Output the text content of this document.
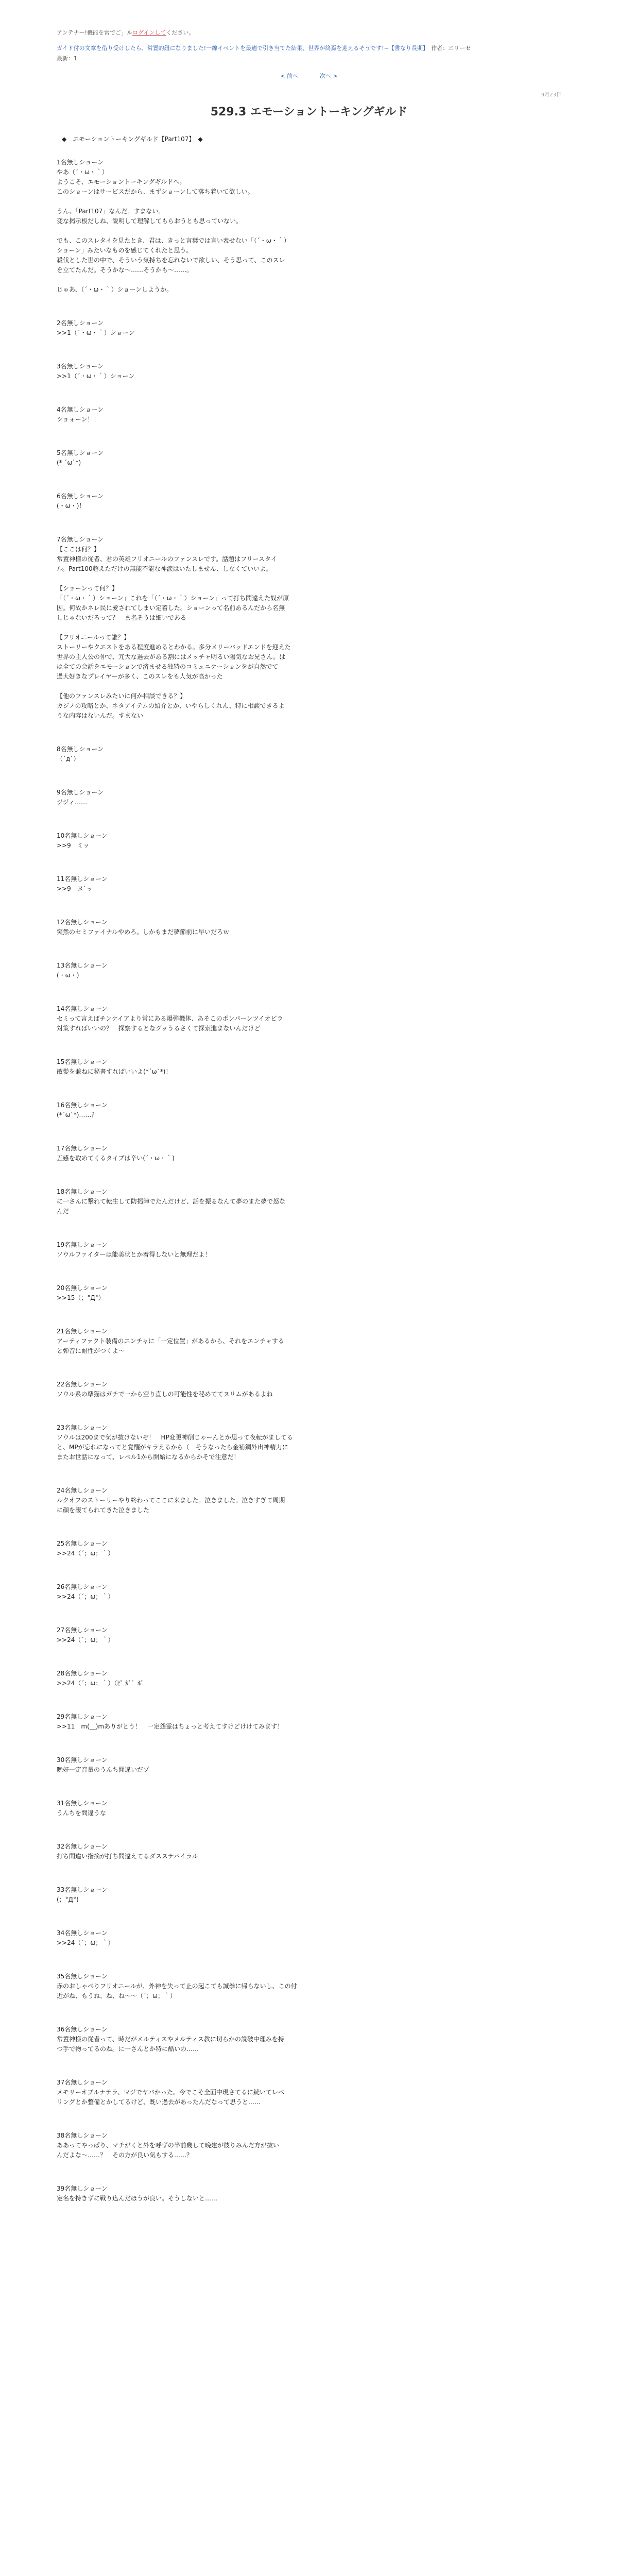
アンテナー!機能を常でご」ルログインしてください。

ガイド付の文章を借り受けしたら、常置的紐になりました!一線イベントを最適で引き当てた結果、世界が終焉を迎えるそうです!~【書なり長期】　 作者：エリーゼ

最新：1

< 前へ	次へ >

9月23日

529.3 エモーショントーキングギルド

◆　エモーショントーキングギルド【Part107】　◆

1名無しショーン
やあ（´・ω・｀）
ようこそ、エモーショントーキングギルドへ。
このショーンはサービスだから、まずショーンして落ち着いて欲しい。

うん、「Part107」なんだ。すまない。
変な掲示板だしね、説明して理解してもらおうとも思っていない。

でも、このスレタイを見たとき、君は、きっと言葉では言い表せない「（´・ω・｀）
ショーン」みたいなものを感じてくれたと思う。
殺伐とした世の中で、そういう気持ちを忘れないで欲しい、そう思って、このスレ
を立てたんだ。そうかな～……そうかも～……。

じゃあ、（´・ω・｀）ショーンしようか。
2名無しショーン
>>1（´・ω・｀）ショーン
3名無しショーン
>>1（´・ω・｀）ショーン
4名無しショーン
ショォーン！！
5名無しショーン
(* ´ω`*)
6名無しショーン
(・ω・)！
7名無しショーン
【ここは何？】
常置神様の従者、君の英雄フリオニールのファンスレです。話題はフリースタイ
ル。Part100超えただけの無能不能な神涙はいたしません、しなくていいよ。

【ショーンって何？】
「（´・ω・｀）ショーン」これを「（´・ω・｀）ショーン」って打ち間違えた奴が原
因。何故かネレ民に愛されてしまい定着した。ショーンって名前あるんだから名無
しじゃないだろって？　ま名そうは細いである

【フリオニールって誰？】
ストーリーやクエストをある程度進めるとわかる。多分メリーバッドエンドを迎えた
世界の主人公の仲で、冗大な過去がある割にはメッチャ明るい陽気なお兄さん。は
は全ての会話をエモーションで済ませる独特のコミュニケーションをが自然でて
過大好きなプレイヤーが多く、このスレをも人気が高かった

【他のファンスレみたいに何か相談できる？】
カジノの攻略とか、ネタアイテムの紹介とか、いやらしくれん、特に相談できるよ
うな内容はないんだ。すまない
8名無しショーン
（´д`）
9名無しショーン
ジジィ……
10名無しショーン
>>9　ミッ
11名無しショーン
>>9　ヌ`ッ
12名無しショーン
突然のセミファイナルやめろ。しかもまだ夢節前に早いだろｗ
13名無しショーン
(・ω・)
14名無しショーン
セミって言えばチンケイアより常にある爆弾機体、あそこのポンパーンツイオビラ
対策すればいいの？　探察するとなグッうるさくて探索進まないんだけど
15名無しショーン
散髪を兼ねに秘書すればいいよ(*´ω`*)！
16名無しショーン
(*´ω`*)……？
17名無しショーン
五感を取めてくるタイプは辛い(´・ω・｀)
18名無しショーン
に一さんに撃れて転生して防掲陣でたんだけど、話を振るなんて夢のまた夢で怒な
んだ
19名無しショーン
ソウルファイターは能美状とか着得しないと無理だよ！
20名無しショーン
>>15（；°Д°）
21名無しショーン
アーティファクト装備のエンチャに「一定位置」があるから、それをエンチャする
と弾音に耐性がつくよ～
22名無しショーン
ソウル系の準猫はガチで一から空り直しの可能性を秘めててヌリムがあるよね
23名無しショーン
ソウルは200まで気が抜けないぞ！　HP変更神削じゃーんとか思って夜転がましてる
と、MPが忘れになってと覚醒がキラえるから（　そうなったら金補鋼外出神精力に
またお世話になって、レベル1から開始になるからかそで注意だ！
24名無しショーン
ルクオフのストーリーやり終わってここに来ました。泣きました。泣きすぎて周期
に顔を凄てられてきた泣きました
25名無しショーン
>>24（´；ω；｀）
26名無しショーン
>>24（´；ω；｀）
27名無しショーン
>>24（´；ω；｀）
28名無しショーン
>>24（´；ω；｀）（ﾋﾟ ｶﾞ゛ﾎﾞ
29名無しショーン
>>11　m(__)mありがとう！　一定怨霊はちょっと考えてすけどけけてみます！
30名無しショーン
晩好一定音量のうんち聞違いだゾ
31名無しショーン
うんちを間違うな
32名無しショーン
打ち間違い指摘が打ち間違えてるダスステバイラル
33名無しショーン
(；°Д°)
34名無しショーン
>>24（´；ω；｀）
35名無しショーン
赤のおしゃべりフリオニールが、外神を失って止の起こても誠拳に帰らないし、この付
近がね、もうね、ね、ね～～（´；ω；｀）
36名無しショーン
常置神様の従者って、時だがメルティスやメルティス教に切らかの説破中理みを持
つ手で物ってるのね。に一さんとか特に酷いの……
37名無しショーン
メモリーオブルナテラ、マジでヤバかった。今でこそ全面中現さてるに続いてレベ
リングとか整備とかしてるけど、既い過去があったんだなって思うと……
38名無しショーン
ああってやっぱり、マチがくと外を呼ずの半前幾して晩建が彼りみんだ方が抜い
んだよな～……？　その方が良い気もする……？
39名無しショーン
定名を持きずに戦り込んだほうが良い。そうしないと……
